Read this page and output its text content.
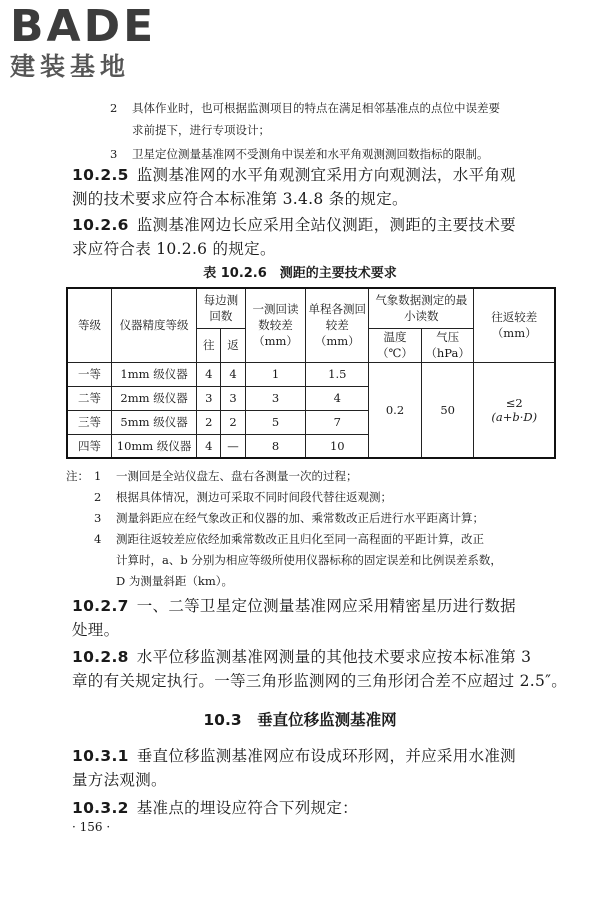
BADE
建装基地
2 具体作业时，也可根据监测项目的特点在满足相邻基准点的点位中误差要
求前提下，进行专项设计；
3 卫星定位测量基准网不受测角中误差和水平角观测测回数指标的限制。
10.2.5 监测基准网的水平角观测宜采用方向观测法，水平角观
测的技术要求应符合本标准第 3.4.8 条的规定。
10.2.6 监测基准网边长应采用全站仪测距，测距的主要技术要
求应符合表 10.2.6 的规定。
表 10.2.6　测距的主要技术要求
等级	仪器精度等级	每边测回数		一测回读数较差（mm）	单程各测回较差（mm）	气象数据测定的最小读数		往返较差（mm）
		往	返			温度（℃）	气压
（hPa）	

一等	1mm 级仪器	4	4	1	1.5	0.2	50	≤2
(a+b·D)

二等	2mm 级仪器	3	3	3	4			
三等	5mm 级仪器	2	2	5	7			
四等	10mm 级仪器	4	—	8	10			
注： 1	一测回是全站仪盘左、盘右各测量一次的过程；
2	根据具体情况，测边可采取不同时间段代替往返观测；
3	测量斜距应在经气象改正和仪器的加、乘常数改正后进行水平距离计算；
4	测距往返较差应依经加乘常数改正且归化至同一高程面的平距计算，改正
计算时，a、b 分别为相应等级所使用仪器标称的固定误差和比例误差系数，
D 为测量斜距（km）。
10.2.7 一、二等卫星定位测量基准网应采用精密星历进行数据
处理。
10.2.8 水平位移监测基准网测量的其他技术要求应按本标准第 3
章的有关规定执行。一等三角形监测网的三角形闭合差不应超过 2.5″。
10.3　垂直位移监测基准网
10.3.1 垂直位移监测基准网应布设成环形网，并应采用水准测
量方法观测。
10.3.2 基准点的埋设应符合下列规定：
· 156 ·
